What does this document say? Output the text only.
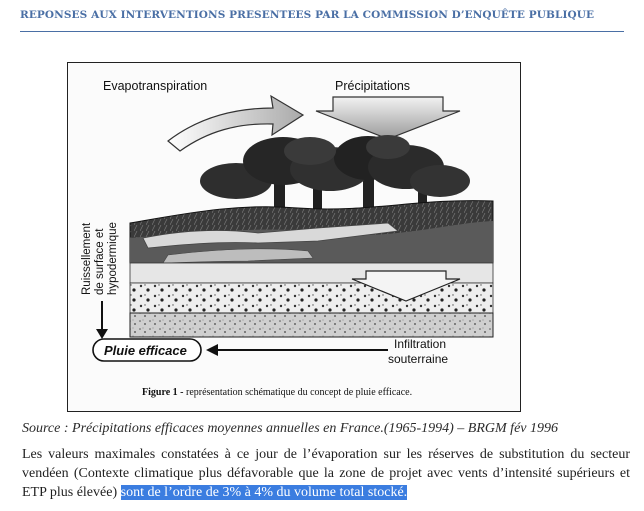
REPONSES AUX INTERVENTIONS PRESENTEES PAR LA COMMISSION D’ENQUÊTE PUBLIQUE
Ruissellement de surface et hypodermique
Evapotranspiration	Précipitations
Pluie efficace	Infiltration
souterraine
Figure 1 - représentation schématique du concept de pluie efficace.
Source : Précipitations efficaces moyennes annuelles en France.(1965-1994) – BRGM fév 1996
Les valeurs maximales constatées à ce jour de l’évaporation sur les réserves de substitution du secteur vendéen (Contexte climatique plus défavorable que la zone de projet avec vents d’intensité supérieurs et ETP plus élevée) sont de l’ordre de 3% à 4% du volume total stocké.
